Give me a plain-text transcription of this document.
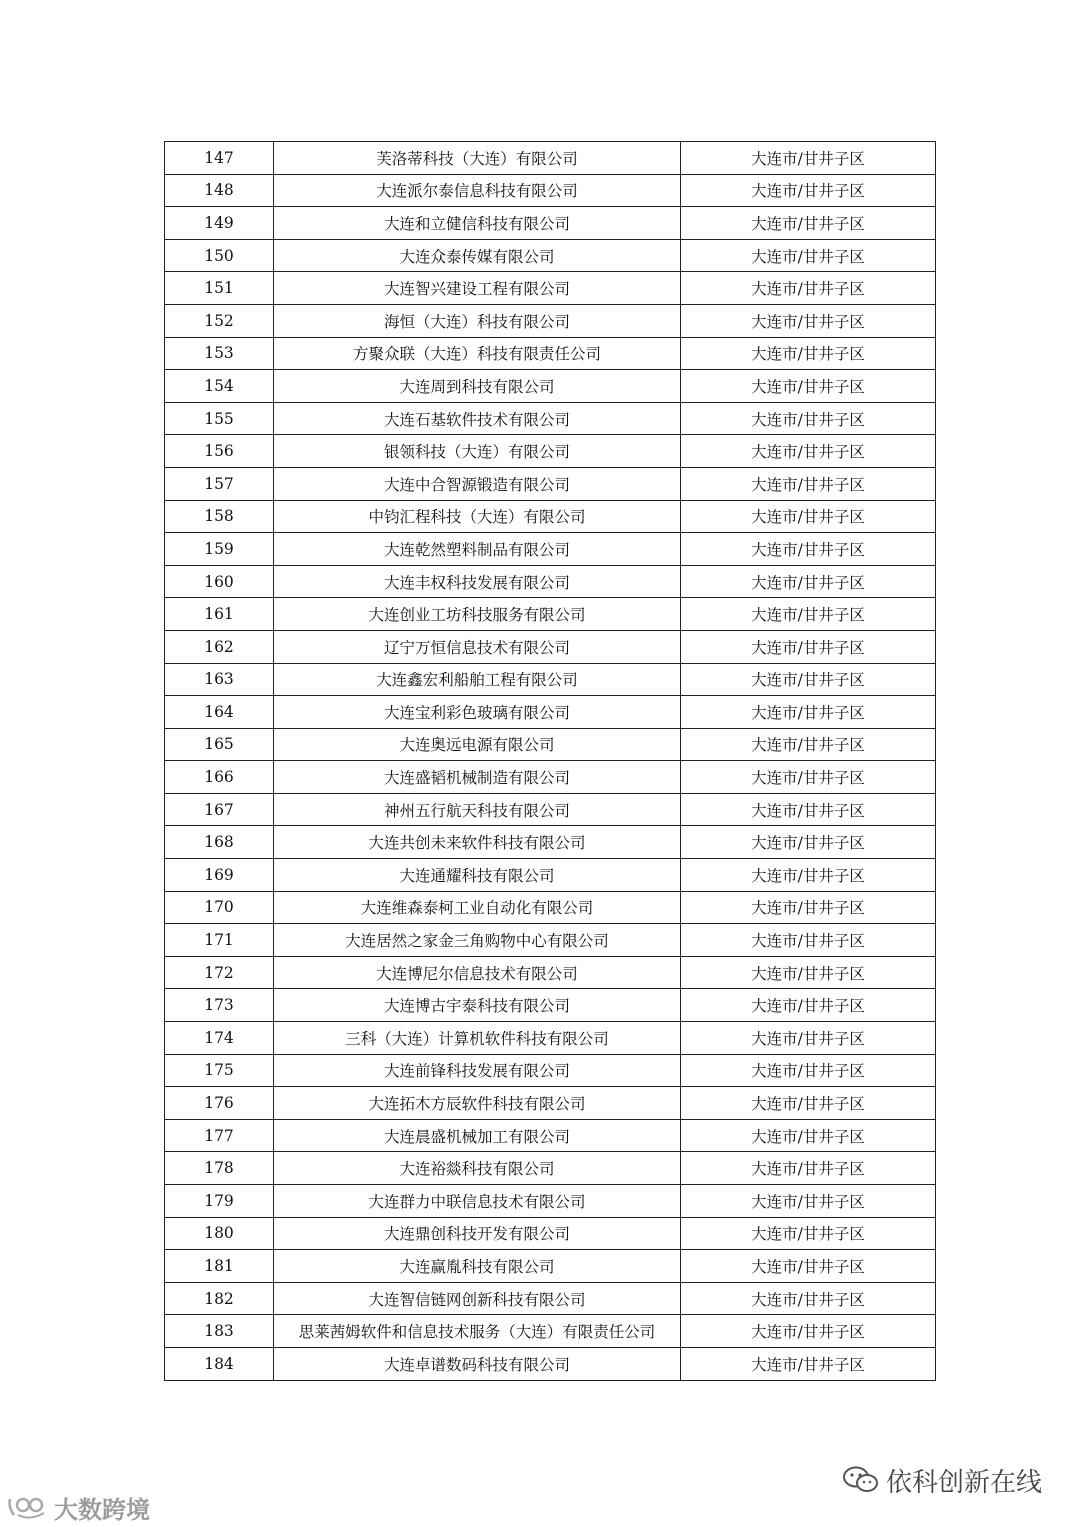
147	芙洛蒂科技（大连）有限公司	大连市/甘井子区
148	大连派尔泰信息科技有限公司	大连市/甘井子区
149	大连和立健信科技有限公司	大连市/甘井子区
150	大连众泰传媒有限公司	大连市/甘井子区
151	大连智兴建设工程有限公司	大连市/甘井子区
152	海恒（大连）科技有限公司	大连市/甘井子区
153	方聚众联（大连）科技有限责任公司	大连市/甘井子区
154	大连周到科技有限公司	大连市/甘井子区
155	大连石基软件技术有限公司	大连市/甘井子区
156	银领科技（大连）有限公司	大连市/甘井子区
157	大连中合智源锻造有限公司	大连市/甘井子区
158	中钧汇程科技（大连）有限公司	大连市/甘井子区
159	大连乾然塑料制品有限公司	大连市/甘井子区
160	大连丰权科技发展有限公司	大连市/甘井子区
161	大连创业工坊科技服务有限公司	大连市/甘井子区
162	辽宁万恒信息技术有限公司	大连市/甘井子区
163	大连鑫宏利船舶工程有限公司	大连市/甘井子区
164	大连宝利彩色玻璃有限公司	大连市/甘井子区
165	大连奥远电源有限公司	大连市/甘井子区
166	大连盛韬机械制造有限公司	大连市/甘井子区
167	神州五行航天科技有限公司	大连市/甘井子区
168	大连共创未来软件科技有限公司	大连市/甘井子区
169	大连通耀科技有限公司	大连市/甘井子区
170	大连维森泰柯工业自动化有限公司	大连市/甘井子区
171	大连居然之家金三角购物中心有限公司	大连市/甘井子区
172	大连博尼尔信息技术有限公司	大连市/甘井子区
173	大连博古宇泰科技有限公司	大连市/甘井子区
174	三科（大连）计算机软件科技有限公司	大连市/甘井子区
175	大连前锋科技发展有限公司	大连市/甘井子区
176	大连拓木方辰软件科技有限公司	大连市/甘井子区
177	大连晨盛机械加工有限公司	大连市/甘井子区
178	大连裕燚科技有限公司	大连市/甘井子区
179	大连群力中联信息技术有限公司	大连市/甘井子区
180	大连鼎创科技开发有限公司	大连市/甘井子区
181	大连赢胤科技有限公司	大连市/甘井子区
182	大连智信链网创新科技有限公司	大连市/甘井子区
183	思莱茜姆软件和信息技术服务（大连）有限责任公司	大连市/甘井子区
184	大连卓谱数码科技有限公司	大连市/甘井子区
依科创新在线
大数跨境
